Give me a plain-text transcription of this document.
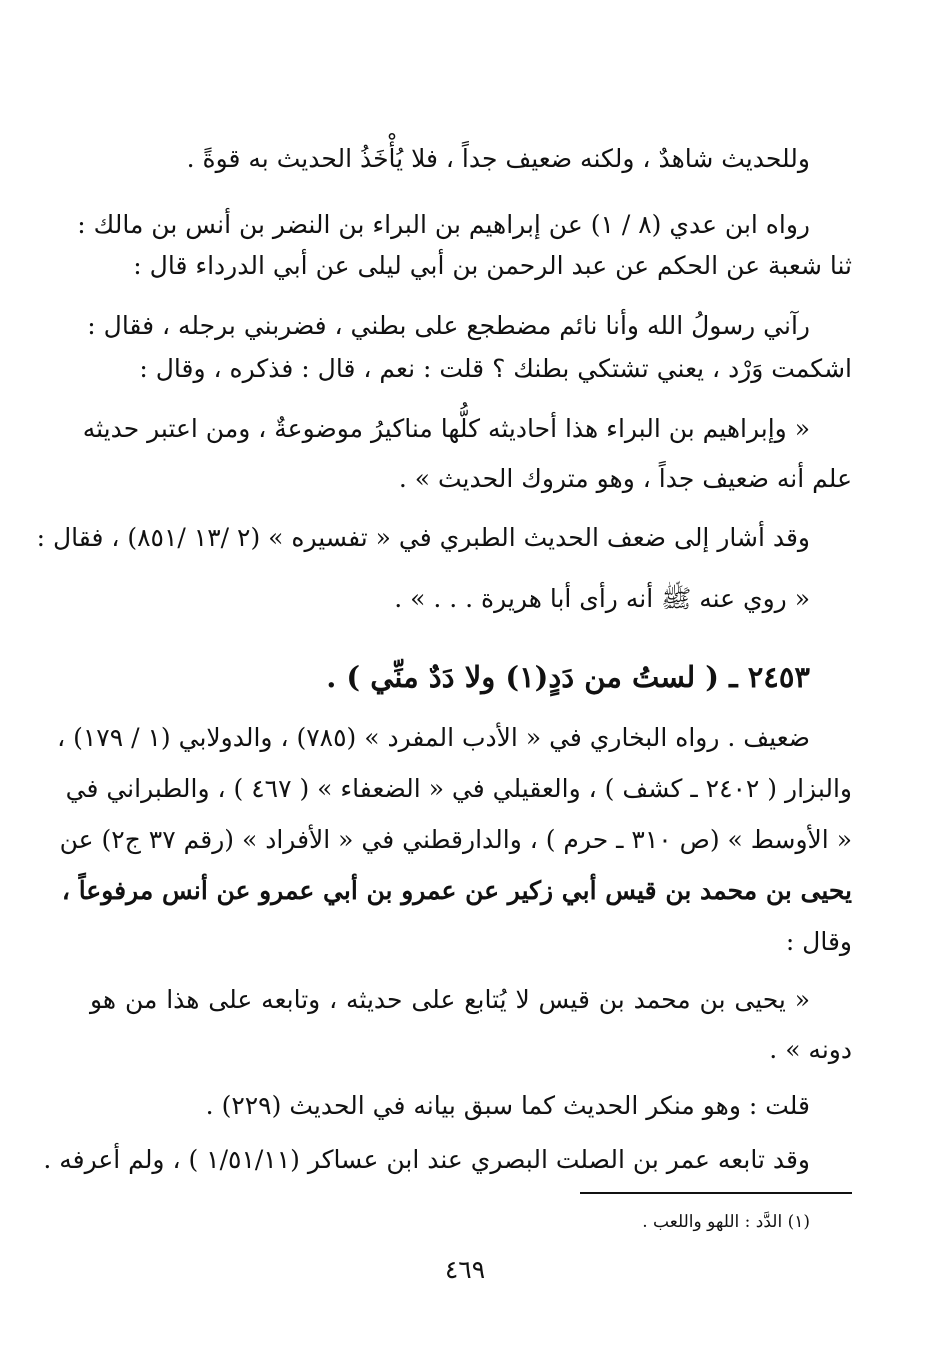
وللحديث شاهدٌ ، ولكنه ضعيف جداً ، فلا يُأْخَذُ الحديث به قوةً .
رواه ابن عدي (٨ / ١) عن إبراهيم بن البراء بن النضر بن أنس بن مالك :
ثنا شعبة عن الحكم عن عبد الرحمن بن أبي ليلى عن أبي الدرداء قال :
رآني رسولُ الله وأنا نائم مضطجع على بطني ، فضربني برجله ، فقال :
اشكمت وَرْد ، يعني تشتكي بطنك ؟ قلت : نعم ، قال : فذكره ، وقال :
« وإبراهيم بن البراء هذا أحاديثه كلُّها مناكيرُ موضوعةٌ ، ومن اعتبر حديثه
علم أنه ضعيف جداً ، وهو متروك الحديث » .
وقد أشار إلى ضعف الحديث الطبري في « تفسيره » (٢ /١٣ /٨٥١) ، فقال :
« روي عنه ﷺ أنه رأى أبا هريرة . . . » .
٢٤٥٣ ـ ( لستُ من دَدٍ(١) ولا دَدٌ منِّي ) .
ضعيف . رواه البخاري في « الأدب المفرد » (٧٨٥) ، والدولابي (١ / ١٧٩) ،
والبزار ( ٢٤٠٢ ـ كشف ) ، والعقيلي في « الضعفاء » ( ٤٦٧ ) ، والطبراني في
« الأوسط » (ص ٣١٠ ـ حرم ) ، والدارقطني في « الأفراد » (رقم ٣٧ ج٢) عن
يحيى بن محمد بن قيس أبي زكير عن عمرو بن أبي عمرو عن أنس مرفوعاً ،
وقال :
« يحيى بن محمد بن قيس لا يُتابع على حديثه ، وتابعه على هذا من هو
دونه » .
قلت : وهو منكر الحديث كما سبق بيانه في الحديث (٢٢٩) .
وقد تابعه عمر بن الصلت البصري عند ابن عساكر (١/٥١/١١ ) ، ولم أعرفه .
(١) الدَّد : اللهو واللعب .
٤٦٩
